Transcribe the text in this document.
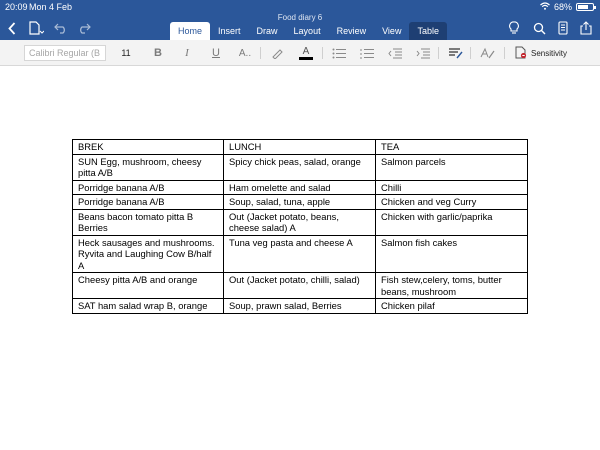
20:09 Mon 4 Feb	68%
Food diary 6
Home	Insert	Draw	Layout	Review	View	Table
Calibri Regular (B	11	B	I	U	A..	A	Sensitivity
BREK	LUNCH	TEA
SUN Egg, mushroom, cheesy pitta A/B	Spicy chick peas, salad, orange	Salmon parcels
Porridge banana A/B	Ham omelette and salad	Chilli
Porridge banana A/B	Soup, salad, tuna, apple	Chicken and veg Curry
Beans bacon tomato pitta B Berries	Out (Jacket potato, beans, cheese salad) A	Chicken with garlic/paprika
Heck sausages and mushrooms. Ryvita and Laughing Cow B/half A	Tuna veg pasta and cheese A	Salmon fish cakes
Cheesy pitta A/B and orange	Out (Jacket potato, chilli, salad)	Fish stew,celery, toms, butter beans, mushroom
SAT ham salad wrap B, orange	Soup, prawn salad, Berries	Chicken pilaf
